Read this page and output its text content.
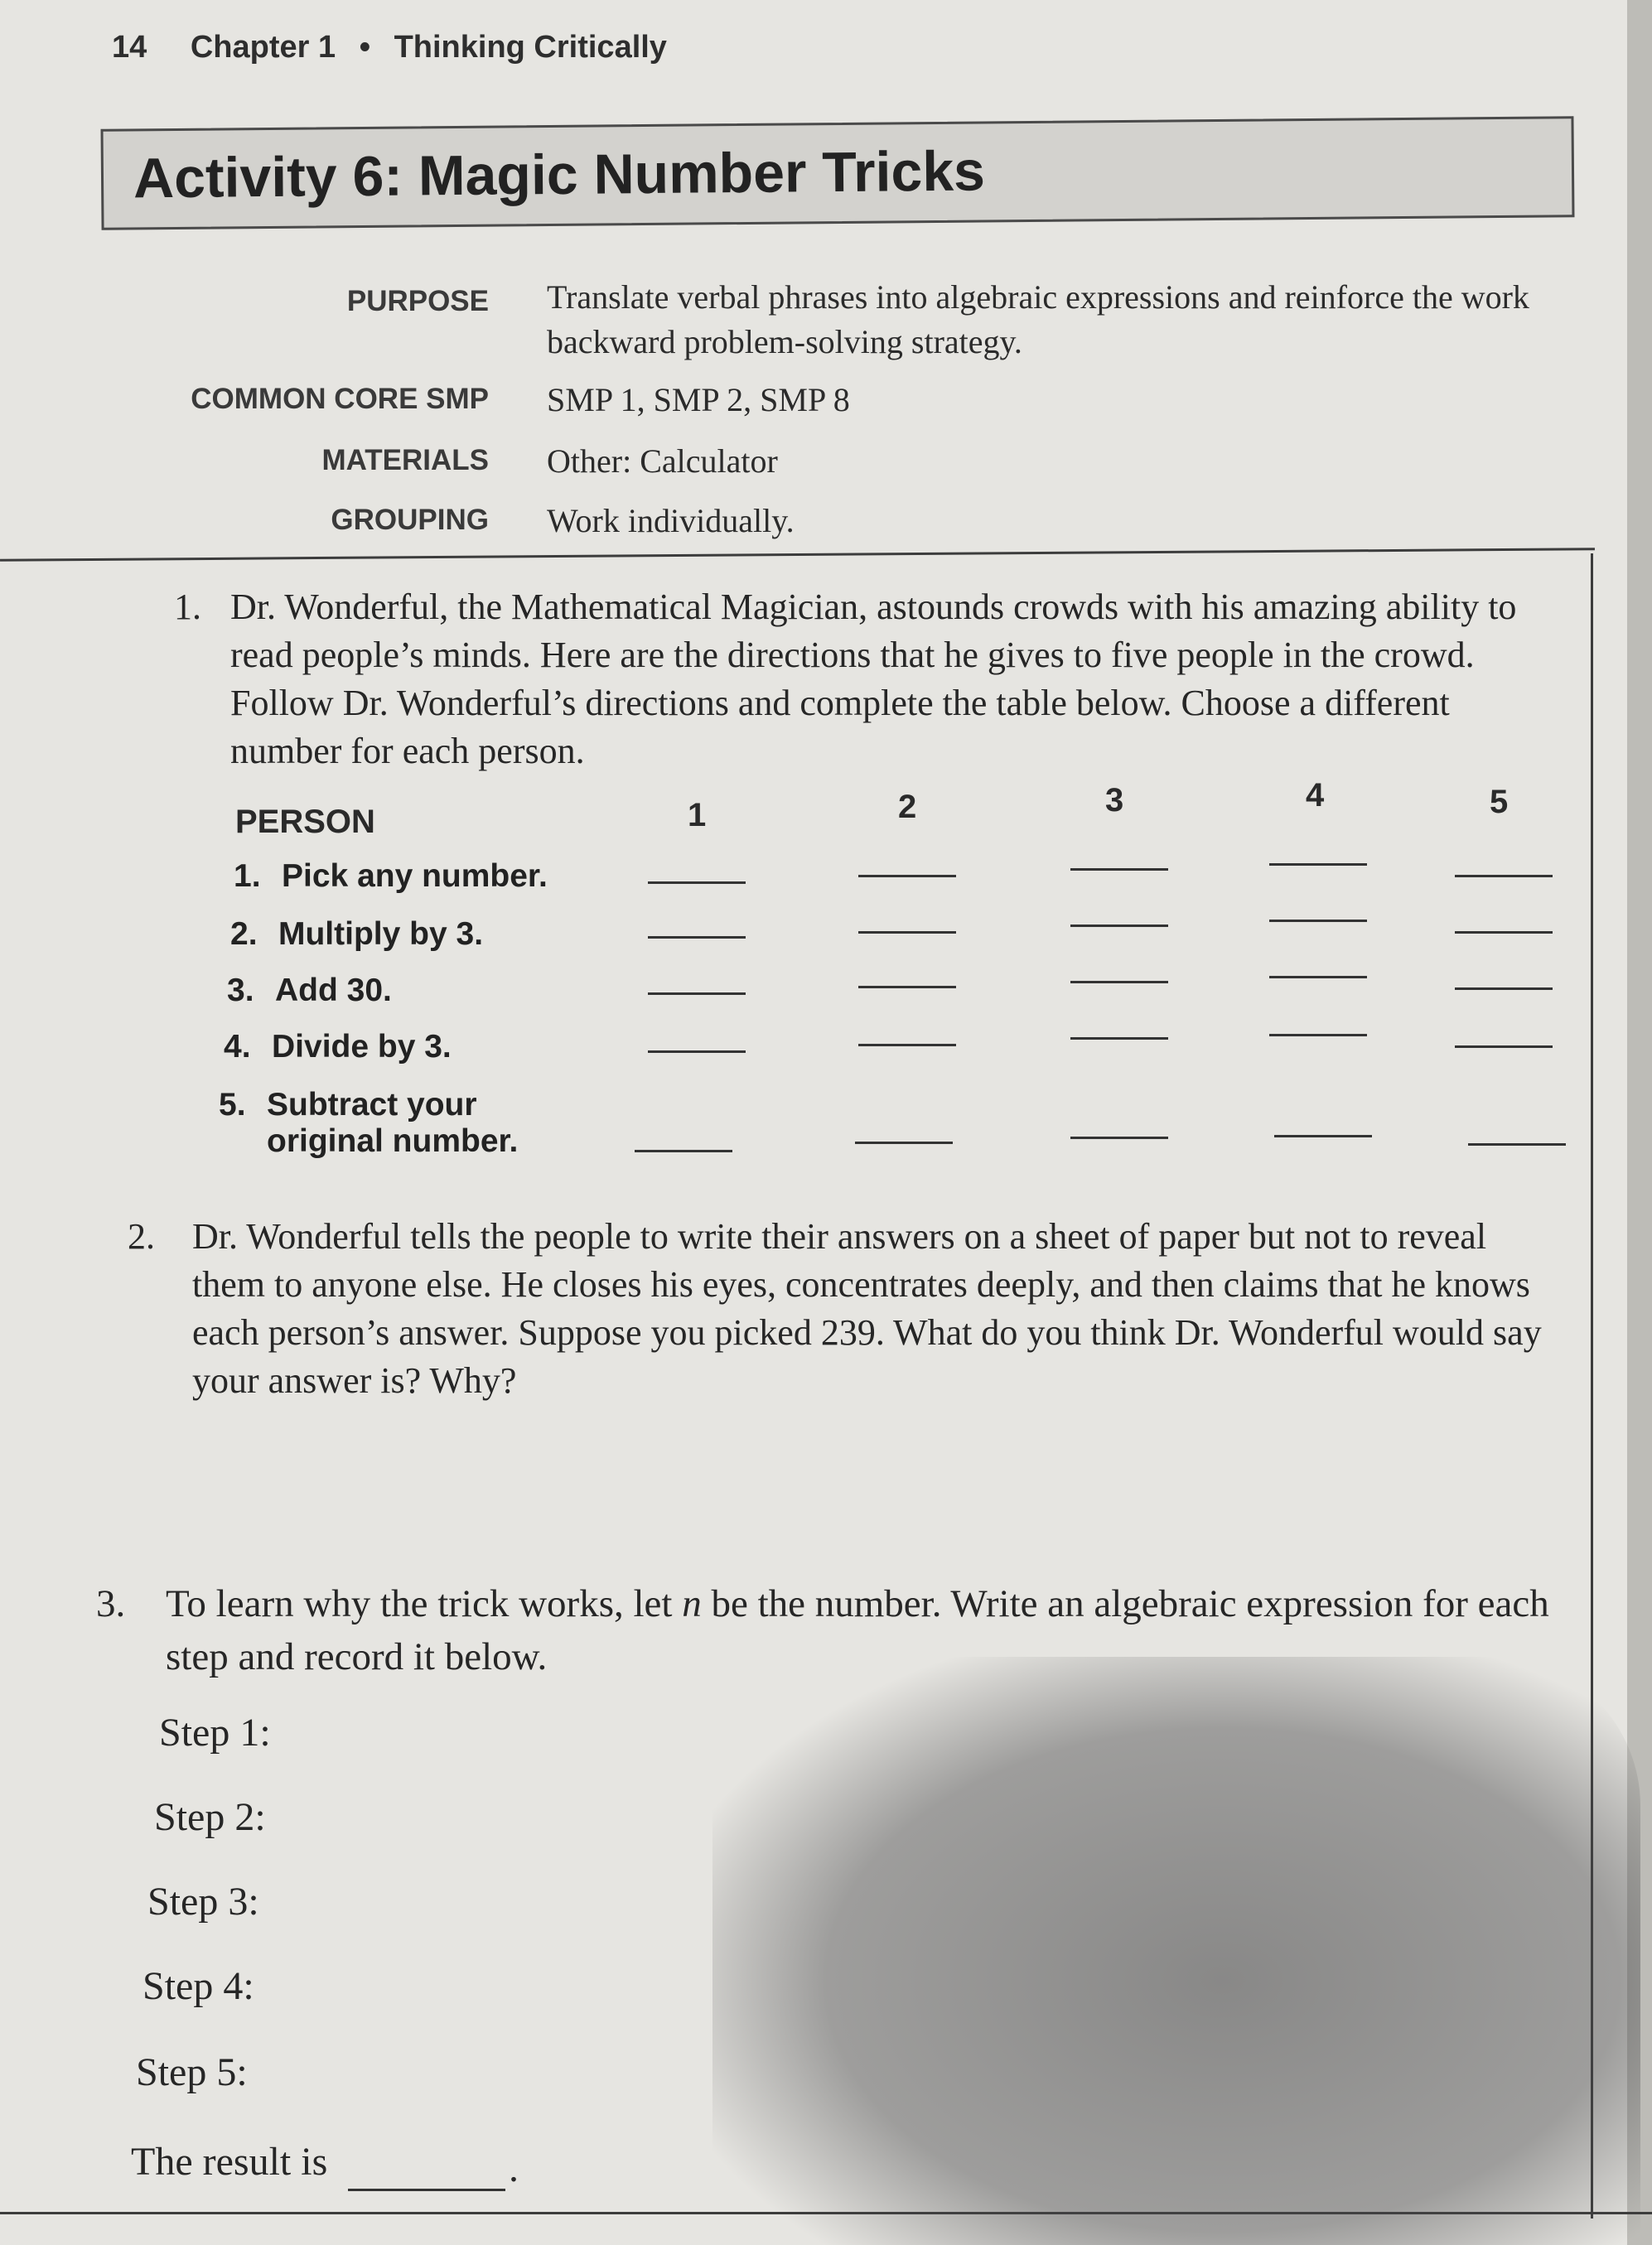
14 Chapter 1 • Thinking Critically
Activity 6: Magic Number Tricks
PURPOSE Translate verbal phrases into algebraic expressions and reinforce the work backward problem-solving strategy.
COMMON CORE SMP SMP 1, SMP 2, SMP 8
MATERIALS Other: Calculator
GROUPING Work individually.
1. Dr. Wonderful, the Mathematical Magician, astounds crowds with his amazing ability to read people’s minds. Here are the directions that he gives to five people in the crowd. Follow Dr. Wonderful’s directions and complete the table below. Choose a different number for each person.
PERSON	1	2	3	4	5
1. Pick any number.
2. Multiply by 3.
3. Add 30.
4. Divide by 3.
5. Subtract your
original number.
2. Dr. Wonderful tells the people to write their answers on a sheet of paper but not to reveal them to anyone else. He closes his eyes, concentrates deeply, and then claims that he knows each person’s answer. Suppose you picked 239. What do you think Dr. Wonderful would say your answer is? Why?
3. To learn why the trick works, let n be the number. Write an algebraic expression for each step and record it below.
Step 1:
Step 2:
Step 3:
Step 4:
Step 5:
The result is	.
